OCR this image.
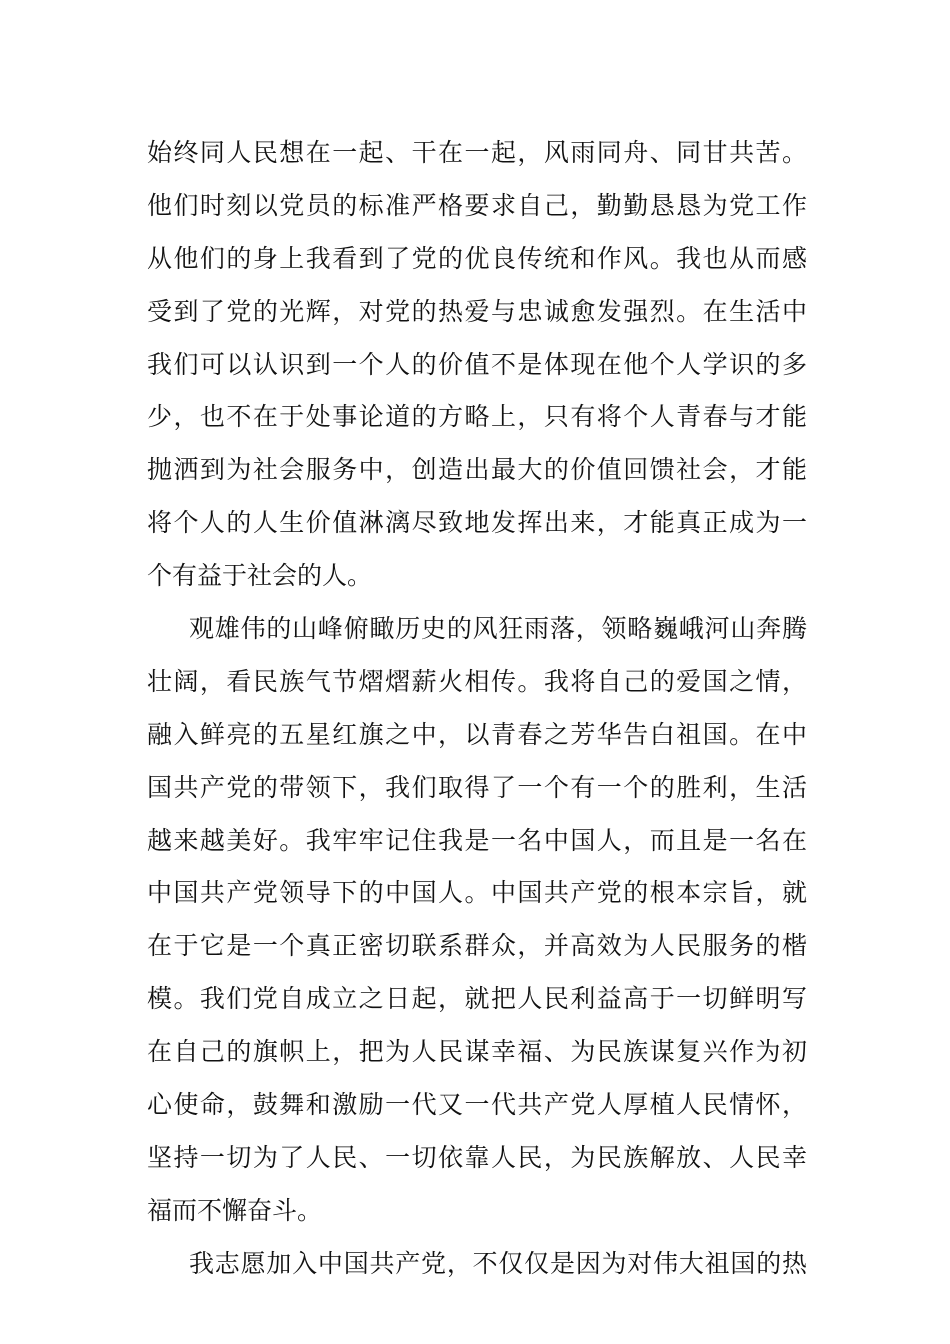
始终同人民想在一起、干在一起，风雨同舟、同甘共苦。
他们时刻以党员的标准严格要求自己，勤勤恳恳为党工作
从他们的身上我看到了党的优良传统和作风。我也从而感
受到了党的光辉，对党的热爱与忠诚愈发强烈。在生活中
我们可以认识到一个人的价值不是体现在他个人学识的多
少，也不在于处事论道的方略上，只有将个人青春与才能
抛洒到为社会服务中，创造出最大的价值回馈社会，才能
将个人的人生价值淋漓尽致地发挥出来，才能真正成为一
个有益于社会的人。
观雄伟的山峰俯瞰历史的风狂雨落，领略巍峨河山奔腾
壮阔，看民族气节熠熠薪火相传。我将自己的爱国之情，
融入鲜亮的五星红旗之中，以青春之芳华告白祖国。在中
国共产党的带领下，我们取得了一个有一个的胜利，生活
越来越美好。我牢牢记住我是一名中国人，而且是一名在
中国共产党领导下的中国人。中国共产党的根本宗旨，就
在于它是一个真正密切联系群众，并高效为人民服务的楷
模。我们党自成立之日起，就把人民利益高于一切鲜明写
在自己的旗帜上，把为人民谋幸福、为民族谋复兴作为初
心使命，鼓舞和激励一代又一代共产党人厚植人民情怀，
坚持一切为了人民、一切依靠人民，为民族解放、人民幸
福而不懈奋斗。
我志愿加入中国共产党，不仅仅是因为对伟大祖国的热
